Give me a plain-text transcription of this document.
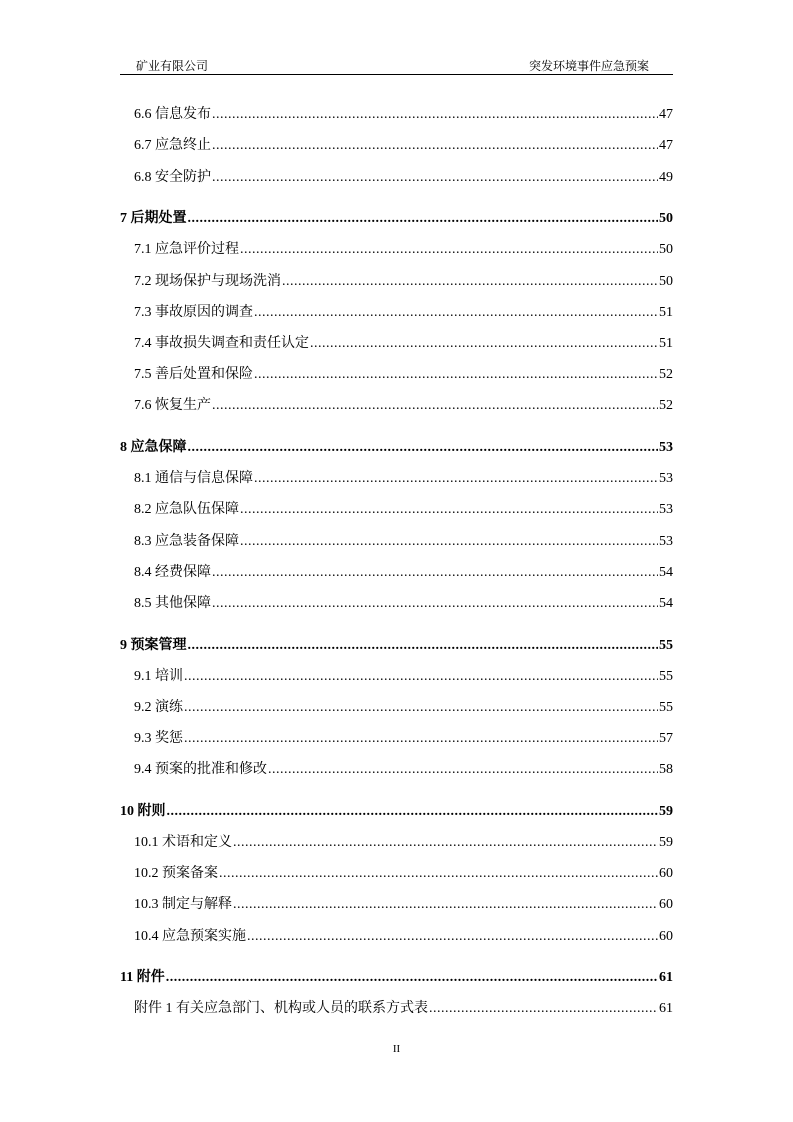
矿业有限公司	突发环境事件应急预案
6.6 信息发布 .....	47
6.7 应急终止 .....	47
6.8 安全防护 .....	49
7 后期处置 .....	50
7.1 应急评价过程 .....	50
7.2 现场保护与现场洗消 .....	50
7.3 事故原因的调查 .....	51
7.4 事故损失调查和责任认定 .....	51
7.5 善后处置和保险 .....	52
7.6 恢复生产 .....	52
8 应急保障 .....	53
8.1 通信与信息保障 .....	53
8.2 应急队伍保障 .....	53
8.3 应急装备保障 .....	53
8.4 经费保障 .....	54
8.5 其他保障 .....	54
9 预案管理 .....	55
9.1 培训 .....	55
9.2 演练 .....	55
9.3 奖惩 .....	57
9.4 预案的批准和修改 .....	58
10 附则 .....	59
10.1 术语和定义 .....	59
10.2 预案备案 .....	60
10.3 制定与解释 .....	60
10.4 应急预案实施 .....	60
11 附件 .....	61
附件 1 有关应急部门、机构或人员的联系方式表 .....	61
II
